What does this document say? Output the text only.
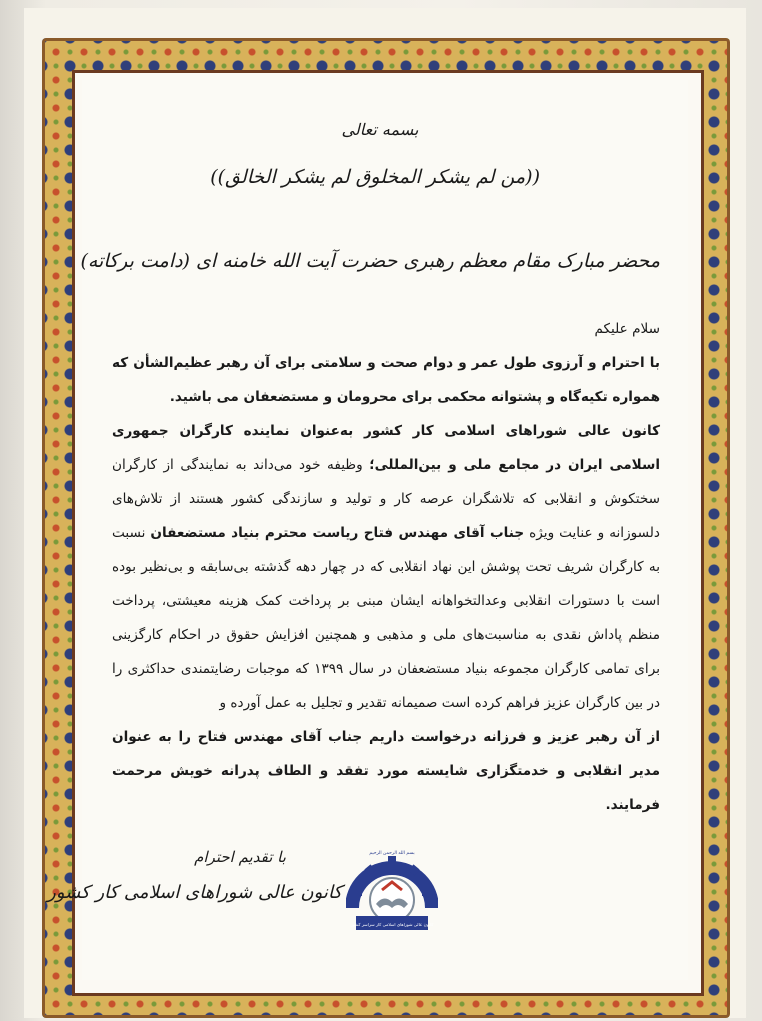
بسمه تعالی
((من لم یشکر المخلوق لم یشکر الخالق))
محضر مبارک مقام معظم رهبری حضرت آیت الله خامنه ای (دامت برکاته)

سلام علیکم

با احترام و آرزوی طول عمر و دوام صحت و سلامتی برای آن رهبر عظیم‌الشأن که همواره تکیه‌گاه و پشتوانه محکمی برای محرومان و مستضعفان می باشید.

کانون عالی شوراهای اسلامی کار کشور به‌عنوان نماینده کارگران جمهوری اسلامی ایران در مجامع ملی و بین‌المللی؛ وظیفه خود می‌داند به نمایندگی از کارگران سختکوش و انقلابی که تلاشگران عرصه کار و تولید و سازندگی کشور هستند از تلاش‌های دلسوزانه و عنایت ویژه جناب آقای مهندس فتاح ریاست محترم بنیاد مستضعفان نسبت به کارگران شریف تحت پوشش این نهاد انقلابی که در چهار دهه گذشته بی‌سابقه و بی‌نظیر بوده است با دستورات انقلابی وعدالتخواهانه ایشان مبنی بر پرداخت کمک هزینه معیشتی، پرداخت منظم پاداش نقدی به مناسبت‌های ملی و مذهبی و همچنین افزایش حقوق در احکام کارگزینی برای تمامی کارگران مجموعه بنیاد مستضعفان در سال ۱۳۹۹ که موجبات رضایتمندی حداکثری را در بین کارگران عزیز فراهم کرده است صمیمانه تقدیر و تجلیل به عمل آورده و

از آن رهبر عزیز و فرزانه درخواست داریم جناب آقای مهندس فتاح را به عنوان مدیر انقلابی و خدمتگزاری شایسته مورد تفقد و الطاف پدرانه خویش مرحمت فرمایند.

با تقدیم احترام
کانون عالی شوراهای اسلامی کار کشور
کانون عالی شوراهای اسلامی کار سراسر کشور
بسم الله الرحمن الرحیم
